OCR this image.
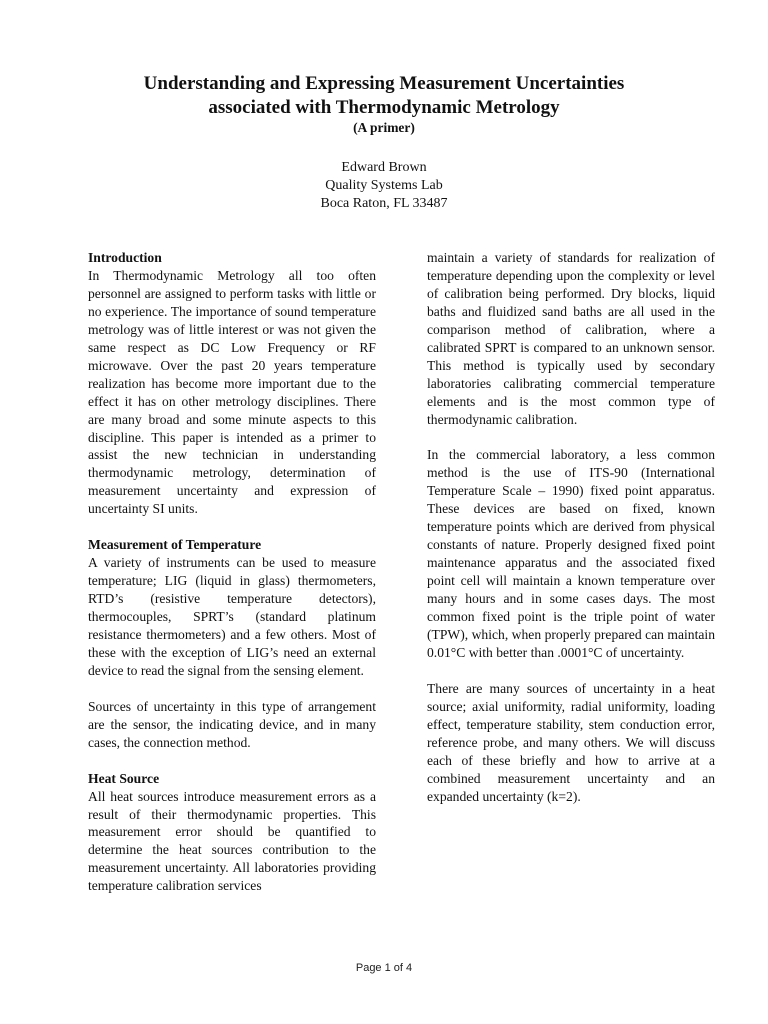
Understanding and Expressing Measurement Uncertainties
associated with Thermodynamic Metrology
(A primer)
Edward Brown
Quality Systems Lab
Boca Raton, FL 33487
Introduction

In Thermodynamic Metrology all too often personnel are assigned to perform tasks with little or no experience. The importance of sound temperature metrology was of little interest or was not given the same respect as DC Low Frequency or RF microwave. Over the past 20 years temperature realization has become more important due to the effect it has on other metrology disciplines. There are many broad and some minute aspects to this discipline. This paper is intended as a primer to assist the new technician in understanding thermodynamic metrology, determination of measurement uncertainty and expression of uncertainty SI units.

Measurement of Temperature

A variety of instruments can be used to measure temperature; LIG (liquid in glass) thermometers, RTD’s (resistive temperature detectors), thermocouples, SPRT’s (standard platinum resistance thermometers) and a few others. Most of these with the exception of LIG’s need an external device to read the signal from the sensing element.

Sources of uncertainty in this type of arrangement are the sensor, the indicating device, and in many cases, the connection method.

Heat Source

All heat sources introduce measurement errors as a result of their thermodynamic properties. This measurement error should be quantified to determine the heat sources contribution to the measurement uncertainty. All laboratories providing temperature calibration services

maintain a variety of standards for realization of temperature depending upon the complexity or level of calibration being performed. Dry blocks, liquid baths and fluidized sand baths are all used in the comparison method of calibration, where a calibrated SPRT is compared to an unknown sensor. This method is typically used by secondary laboratories calibrating commercial temperature elements and is the most common type of thermodynamic calibration.

In the commercial laboratory, a less common method is the use of ITS-90 (International Temperature Scale – 1990) fixed point apparatus. These devices are based on fixed, known temperature points which are derived from physical constants of nature. Properly designed fixed point maintenance apparatus and the associated fixed point cell will maintain a known temperature over many hours and in some cases days. The most common fixed point is the triple point of water (TPW), which, when properly prepared can maintain 0.01°C with better than .0001°C of uncertainty.

There are many sources of uncertainty in a heat source; axial uniformity, radial uniformity, loading effect, temperature stability, stem conduction error, reference probe, and many others. We will discuss each of these briefly and how to arrive at a combined measurement uncertainty and an expanded uncertainty (k=2).

Page 1 of 4
